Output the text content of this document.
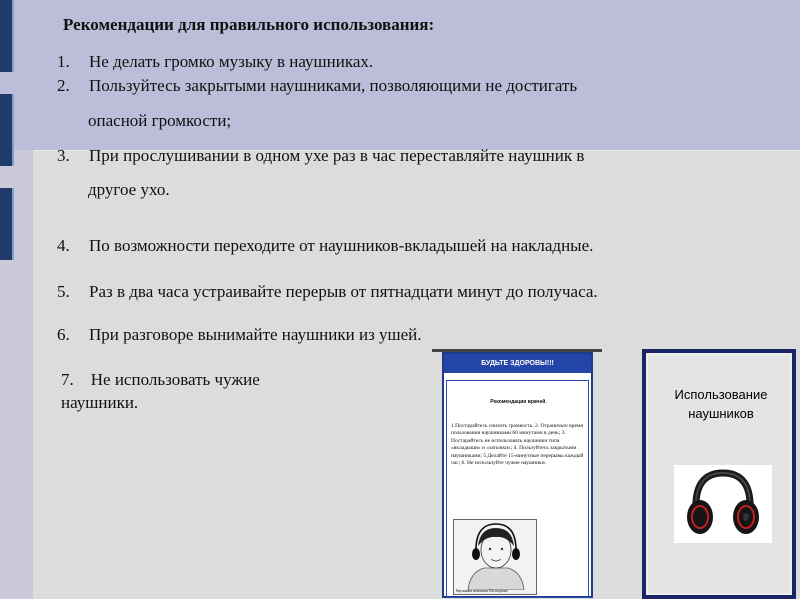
Рекомендации для правильного использования:
1.	Не делать громко музыку в наушниках.
2.	Пользуйтесь закрытыми наушниками, позволяющими не достигать
опасной громкости;
3.	При прослушивании в одном ухе раз в час переставляйте наушник в
другое ухо.
4.	По возможности переходите от наушников-вкладышей на накладные.
5.	Раз в два часа устраивайте перерыв от пятнадцати минут до получаса.
6.	При разговоре вынимайте наушники из ушей.
7. Не использовать чужие наушники.
БУДЬТЕ ЗДОРОВЫ!!!
Рекомендации врачей.
1.Постарайтесь снизить громкость. 2. Ограничьте время пользования наушниками 60 минутами в день; 3. Постарайтесь не использовать наушники типа «вкладыши» и «затычки»; 4. Пользуйтесь закрытыми наушниками; 5.Делайте 15-минутные перерывы каждый час; 6. Не используйте чужие наушники.
Наушники компании Electrophone
Использование наушников
